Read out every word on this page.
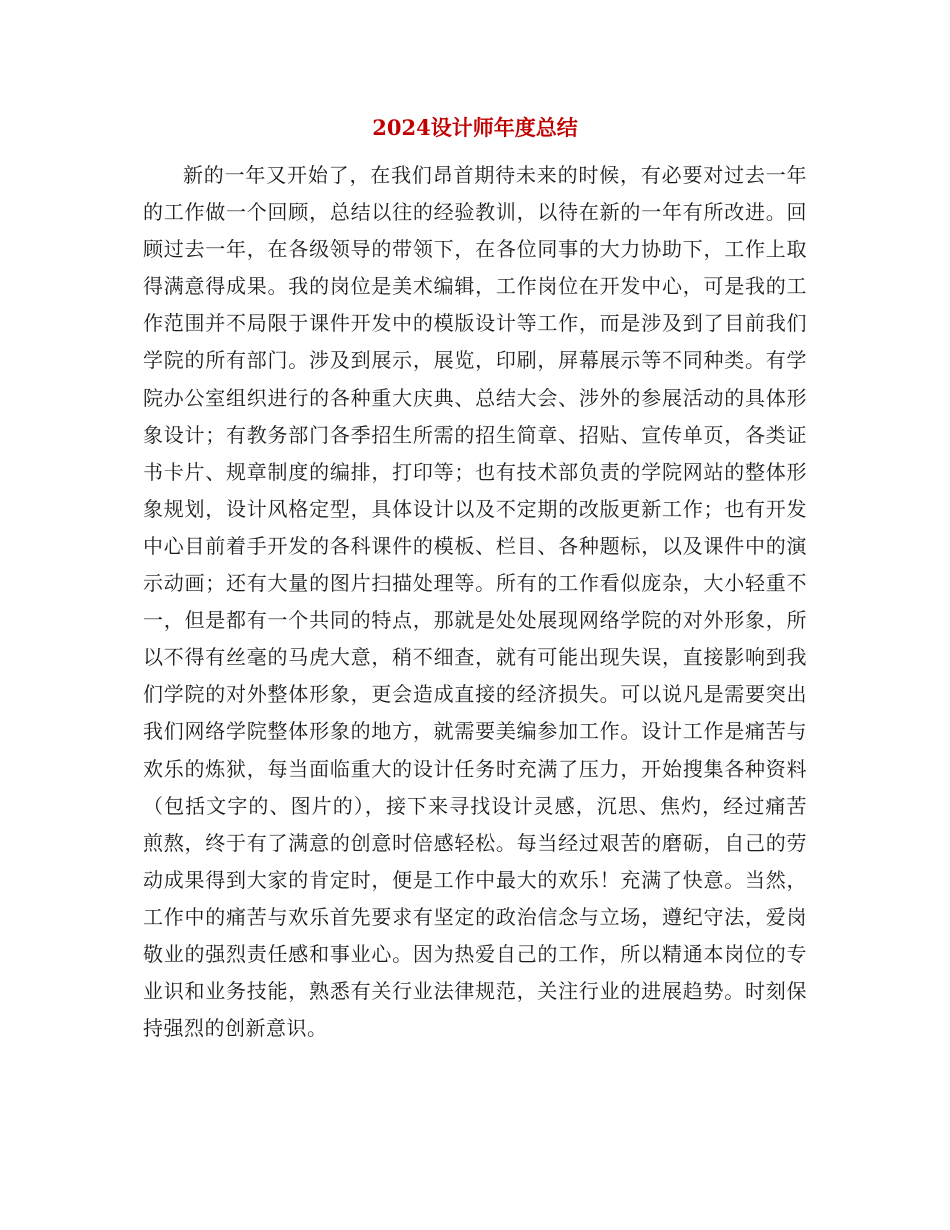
2024设计师年度总结

新的一年又开始了，在我们昂首期待未来的时候，有必要对过去一年的工作做一个回顾，总结以往的经验教训，以待在新的一年有所改进。回顾过去一年，在各级领导的带领下，在各位同事的大力协助下，工作上取得满意得成果。我的岗位是美术编辑，工作岗位在开发中心，可是我的工作范围并不局限于课件开发中的模版设计等工作，而是涉及到了目前我们学院的所有部门。涉及到展示，展览，印刷，屏幕展示等不同种类。有学院办公室组织进行的各种重大庆典、总结大会、涉外的参展活动的具体形象设计；有教务部门各季招生所需的招生简章、招贴、宣传单页，各类证书卡片、规章制度的编排，打印等；也有技术部负责的学院网站的整体形象规划，设计风格定型，具体设计以及不定期的改版更新工作；也有开发中心目前着手开发的各科课件的模板、栏目、各种题标，以及课件中的演示动画；还有大量的图片扫描处理等。所有的工作看似庞杂，大小轻重不一，但是都有一个共同的特点，那就是处处展现网络学院的对外形象，所以不得有丝毫的马虎大意，稍不细查，就有可能出现失误，直接影响到我们学院的对外整体形象，更会造成直接的经济损失。可以说凡是需要突出我们网络学院整体形象的地方，就需要美编参加工作。设计工作是痛苦与欢乐的炼狱，每当面临重大的设计任务时充满了压力，开始搜集各种资料（包括文字的、图片的），接下来寻找设计灵感，沉思、焦灼，经过痛苦煎熬，终于有了满意的创意时倍感轻松。每当经过艰苦的磨砺，自己的劳动成果得到大家的肯定时，便是工作中最大的欢乐！充满了快意。当然，工作中的痛苦与欢乐首先要求有坚定的政治信念与立场，遵纪守法，爱岗敬业的强烈责任感和事业心。因为热爱自己的工作，所以精通本岗位的专业识和业务技能，熟悉有关行业法律规范，关注行业的进展趋势。时刻保持强烈的创新意识。
